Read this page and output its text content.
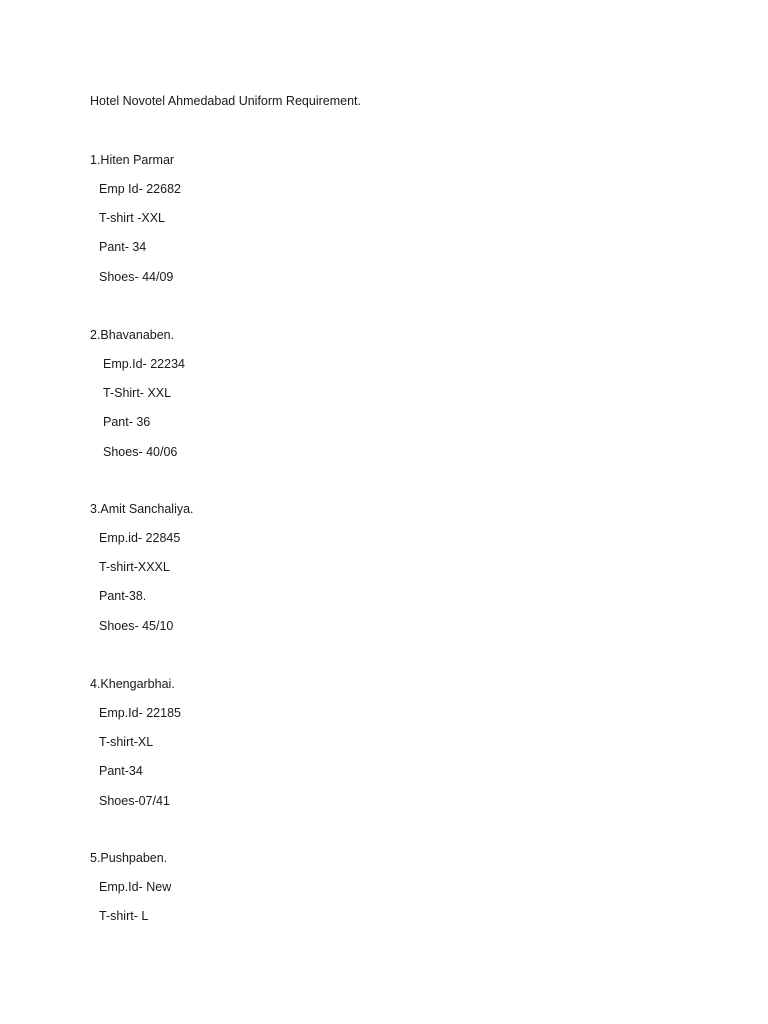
Hotel Novotel Ahmedabad Uniform Requirement.
1.Hiten Parmar
Emp Id- 22682
T-shirt -XXL
Pant- 34
Shoes- 44/09
2.Bhavanaben.
Emp.Id- 22234
T-Shirt- XXL
Pant- 36
Shoes- 40/06
3.Amit Sanchaliya.
Emp.id- 22845
T-shirt-XXXL
Pant-38.
Shoes- 45/10
4.Khengarbhai.
Emp.Id- 22185
T-shirt-XL
Pant-34
Shoes-07/41
5.Pushpaben.
Emp.Id- New
T-shirt- L
